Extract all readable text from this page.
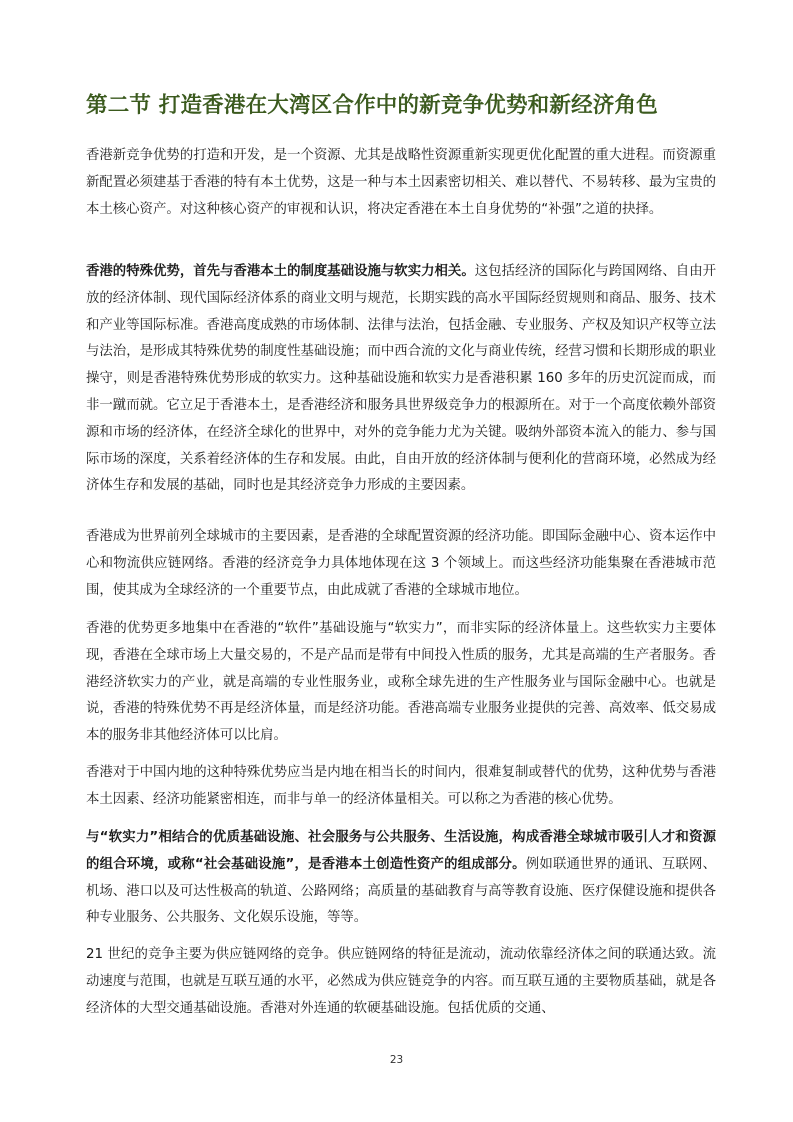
第二节 打造香港在大湾区合作中的新竞争优势和新经济角色
香港新竞争优势的打造和开发，是一个资源、尤其是战略性资源重新实现更优化配置的重大进程。而资源重新配置必须建基于香港的特有本土优势，这是一种与本土因素密切相关、难以替代、不易转移、最为宝贵的本土核心资产。对这种核心资产的审视和认识，将决定香港在本土自身优势的“补强”之道的抉择。
香港的特殊优势，首先与香港本土的制度基础设施与软实力相关。这包括经济的国际化与跨国网络、自由开放的经济体制、现代国际经济体系的商业文明与规范，长期实践的高水平国际经贸规则和商品、服务、技术和产业等国际标准。香港高度成熟的市场体制、法律与法治，包括金融、专业服务、产权及知识产权等立法与法治，是形成其特殊优势的制度性基础设施；而中西合流的文化与商业传统，经营习惯和长期形成的职业操守，则是香港特殊优势形成的软实力。这种基础设施和软实力是香港积累 160 多年的历史沉淀而成，而非一蹴而就。它立足于香港本土，是香港经济和服务具世界级竞争力的根源所在。对于一个高度依赖外部资源和市场的经济体，在经济全球化的世界中，对外的竞争能力尤为关键。吸纳外部资本流入的能力、参与国际市场的深度，关系着经济体的生存和发展。由此，自由开放的经济体制与便利化的营商环境，必然成为经济体生存和发展的基础，同时也是其经济竞争力形成的主要因素。
香港成为世界前列全球城市的主要因素，是香港的全球配置资源的经济功能。即国际金融中心、资本运作中心和物流供应链网络。香港的经济竞争力具体地体现在这 3 个领域上。而这些经济功能集聚在香港城市范围，使其成为全球经济的一个重要节点，由此成就了香港的全球城市地位。
香港的优势更多地集中在香港的“软件”基础设施与“软实力”，而非实际的经济体量上。这些软实力主要体现，香港在全球市场上大量交易的，不是产品而是带有中间投入性质的服务，尤其是高端的生产者服务。香港经济软实力的产业，就是高端的专业性服务业，或称全球先进的生产性服务业与国际金融中心。也就是说，香港的特殊优势不再是经济体量，而是经济功能。香港高端专业服务业提供的完善、高效率、低交易成本的服务非其他经济体可以比肩。
香港对于中国内地的这种特殊优势应当是内地在相当长的时间内，很难复制或替代的优势，这种优势与香港本土因素、经济功能紧密相连，而非与单一的经济体量相关。可以称之为香港的核心优势。
与“软实力”相结合的优质基础设施、社会服务与公共服务、生活设施，构成香港全球城市吸引人才和资源的组合环境，或称“社会基础设施”，是香港本土创造性资产的组成部分。例如联通世界的通讯、互联网、机场、港口以及可达性极高的轨道、公路网络；高质量的基础教育与高等教育设施、医疗保健设施和提供各种专业服务、公共服务、文化娱乐设施，等等。
21 世纪的竞争主要为供应链网络的竞争。供应链网络的特征是流动，流动依靠经济体之间的联通达致。流动速度与范围，也就是互联互通的水平，必然成为供应链竞争的内容。而互联互通的主要物质基础，就是各经济体的大型交通基础设施。香港对外连通的软硬基础设施。包括优质的交通、
23
